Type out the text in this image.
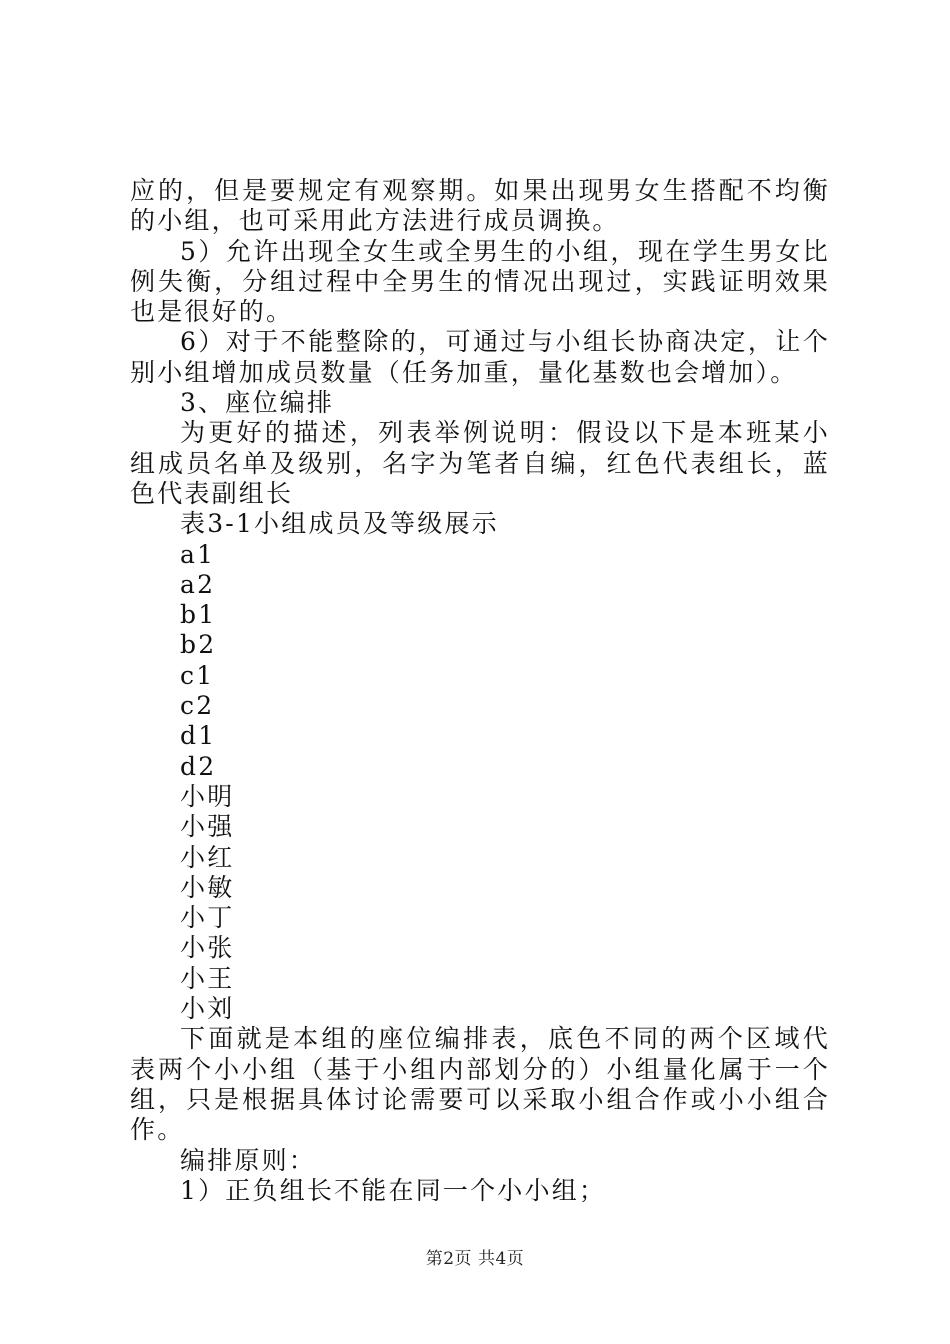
应的，但是要规定有观察期。如果出现男女生搭配不均衡的小组，也可采用此方法进行成员调换。

5）允许出现全女生或全男生的小组，现在学生男女比例失衡，分组过程中全男生的情况出现过，实践证明效果也是很好的。

6）对于不能整除的，可通过与小组长协商决定，让个别小组增加成员数量（任务加重，量化基数也会增加）。

3、座位编排

为更好的描述，列表举例说明：假设以下是本班某小组成员名单及级别，名字为笔者自编，红色代表组长，蓝色代表副组长

表3-1小组成员及等级展示

a1

a2

b1

b2

c1

c2

d1

d2

小明

小强

小红

小敏

小丁

小张

小王

小刘

下面就是本组的座位编排表，底色不同的两个区域代表两个小小组（基于小组内部划分的）小组量化属于一个组，只是根据具体讨论需要可以采取小组合作或小小组合作。

编排原则：

1）正负组长不能在同一个小小组；

第2页 共4页
